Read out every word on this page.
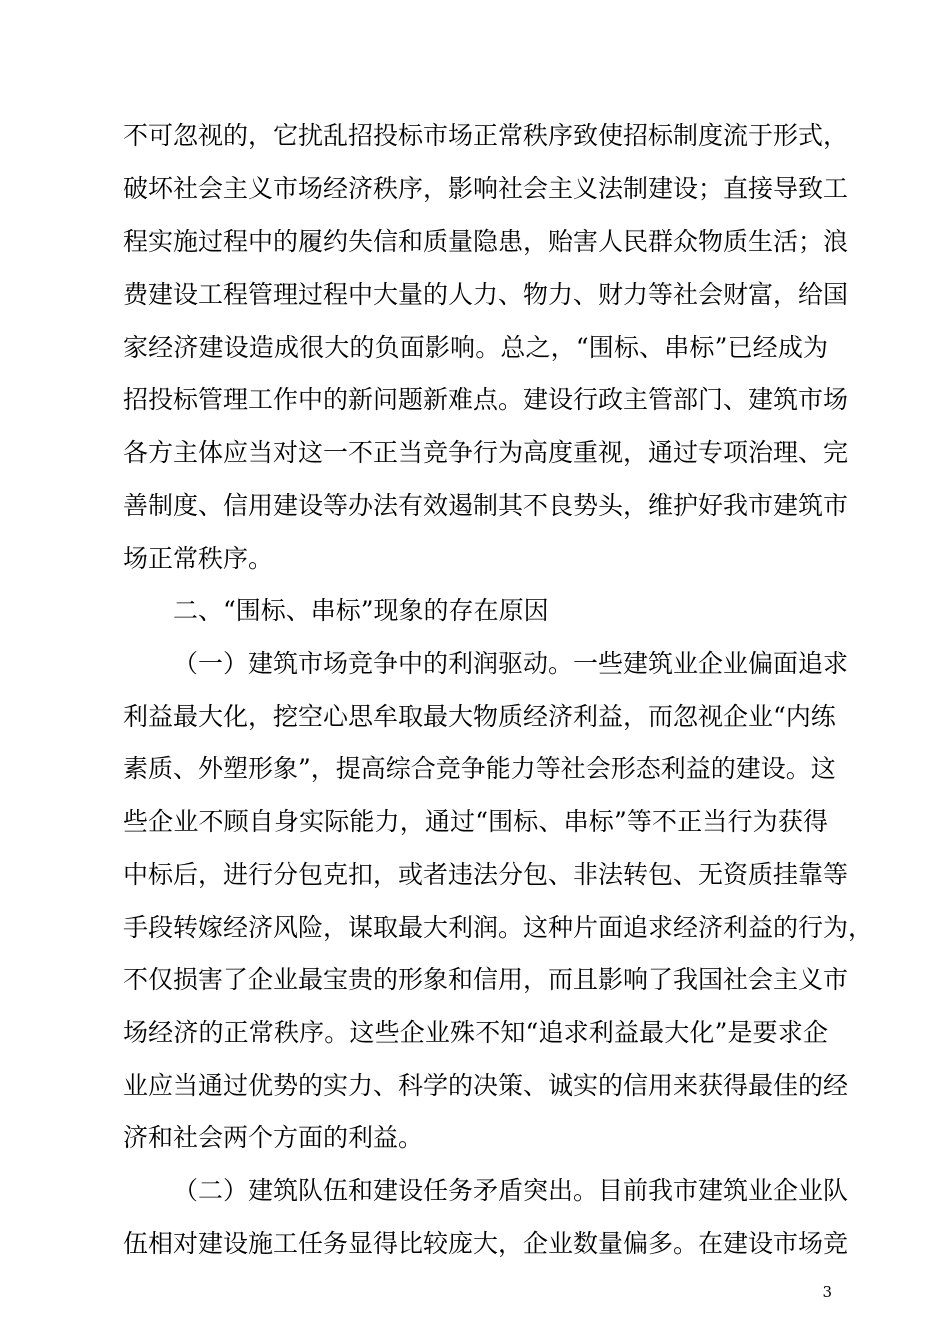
不可忽视的，它扰乱招投标市场正常秩序致使招标制度流于形式，
破坏社会主义市场经济秩序，影响社会主义法制建设；直接导致工
程实施过程中的履约失信和质量隐患，贻害人民群众物质生活；浪
费建设工程管理过程中大量的人力、物力、财力等社会财富，给国
家经济建设造成很大的负面影响。总之，“围标、串标”已经成为
招投标管理工作中的新问题新难点。建设行政主管部门、建筑市场
各方主体应当对这一不正当竞争行为高度重视，通过专项治理、完
善制度、信用建设等办法有效遏制其不良势头，维护好我市建筑市
场正常秩序。
二、“围标、串标”现象的存在原因
（一）建筑市场竞争中的利润驱动。一些建筑业企业偏面追求
利益最大化，挖空心思牟取最大物质经济利益，而忽视企业“内练
素质、外塑形象”，提高综合竞争能力等社会形态利益的建设。这
些企业不顾自身实际能力，通过“围标、串标”等不正当行为获得
中标后，进行分包克扣，或者违法分包、非法转包、无资质挂靠等
手段转嫁经济风险，谋取最大利润。这种片面追求经济利益的行为，
不仅损害了企业最宝贵的形象和信用，而且影响了我国社会主义市
场经济的正常秩序。这些企业殊不知“追求利益最大化”是要求企
业应当通过优势的实力、科学的决策、诚实的信用来获得最佳的经
济和社会两个方面的利益。
（二）建筑队伍和建设任务矛盾突出。目前我市建筑业企业队
伍相对建设施工任务显得比较庞大，企业数量偏多。在建设市场竞
3
